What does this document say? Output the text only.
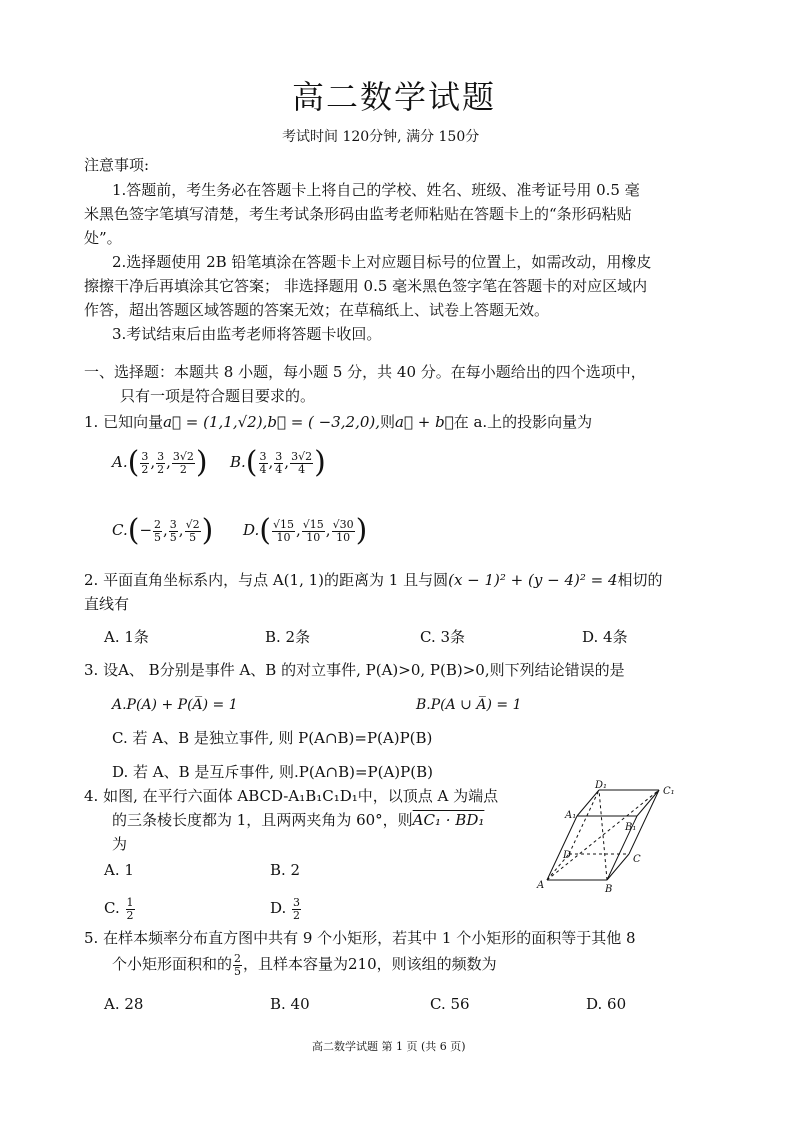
高二数学试题
考试时间 120分钟, 满分 150分
注意事项:
1.答题前，考生务必在答题卡上将自己的学校、姓名、班级、准考证号用 0.5 毫
米黑色签字笔填写清楚，考生考试条形码由监考老师粘贴在答题卡上的“条形码粘贴
处”。
2.选择题使用 2B 铅笔填涂在答题卡上对应题目标号的位置上，如需改动，用橡皮
擦擦干净后再填涂其它答案； 非选择题用 0.5 毫米黑色签字笔在答题卡的对应区域内
作答，超出答题区域答题的答案无效；在草稿纸上、试卷上答题无效。
3.考试结束后由监考老师将答题卡收回。
一、选择题：本题共 8 小题，每小题 5 分，共 40 分。在每小题给出的四个选项中，
只有一项是符合题目要求的。
1. 已知向量a⃗ = (1,1,√2),b⃗ = ( −3,2,0),则a⃗ + b⃗在 a.上的投影向量为
$A.( \frac{3}{2}$ , $\frac{3}{2}$ , $\frac{3√2}{2}$ ) $B.( \frac{3}{4}$ , $\frac{3}{4}$ , $\frac{3√2}{4}$ )
$C.(- \frac{2}{5}$ , $\frac{3}{5}$ , $\frac{√2}{5}$ ) $D.( \frac{√15}{10}$ , $\frac{√15}{10}$ , $\frac{√30}{10}$ )
2. 平面直角坐标系内，与点 A(1, 1)的距离为 1 且与圆(x − 1)² + (y − 4)² = 4相切的
直线有
A. 1条	B. 2条	C. 3条	D. 4条
3. 设A、 B分别是事件 A、B 的对立事件, P(A)>0, P(B)>0,则下列结论错误的是
A.P(A) + P(A̅) = 1	B.P(A ∪ A̅) = 1
C. 若 A、B 是独立事件, 则 P(A∩B)=P(A)P(B)
D. 若 A、B 是互斥事件, 则.P(A∩B)=P(A)P(B)
4. 如图, 在平行六面体 ABCD-A₁B₁C₁D₁中，以顶点 A 为端点
的三条棱长度都为 1，且两两夹角为 60°，则AC₁ · BD₁
为
A. 1	B. 2
C. $\frac{1}{2}$	D. $\frac{3}{2}$
A	B
C
D
A₁
B₁
C₁
D₁
5. 在样本频率分布直方图中共有 9 个小矩形，若其中 1 个小矩形的面积等于其他 8
个小矩形面积和的 $\frac{2}{5}$ ，且样本容量为210，则该组的频数为
A. 28	B. 40	C. 56	D. 60
高二数学试题 第 1 页 (共 6 页)
